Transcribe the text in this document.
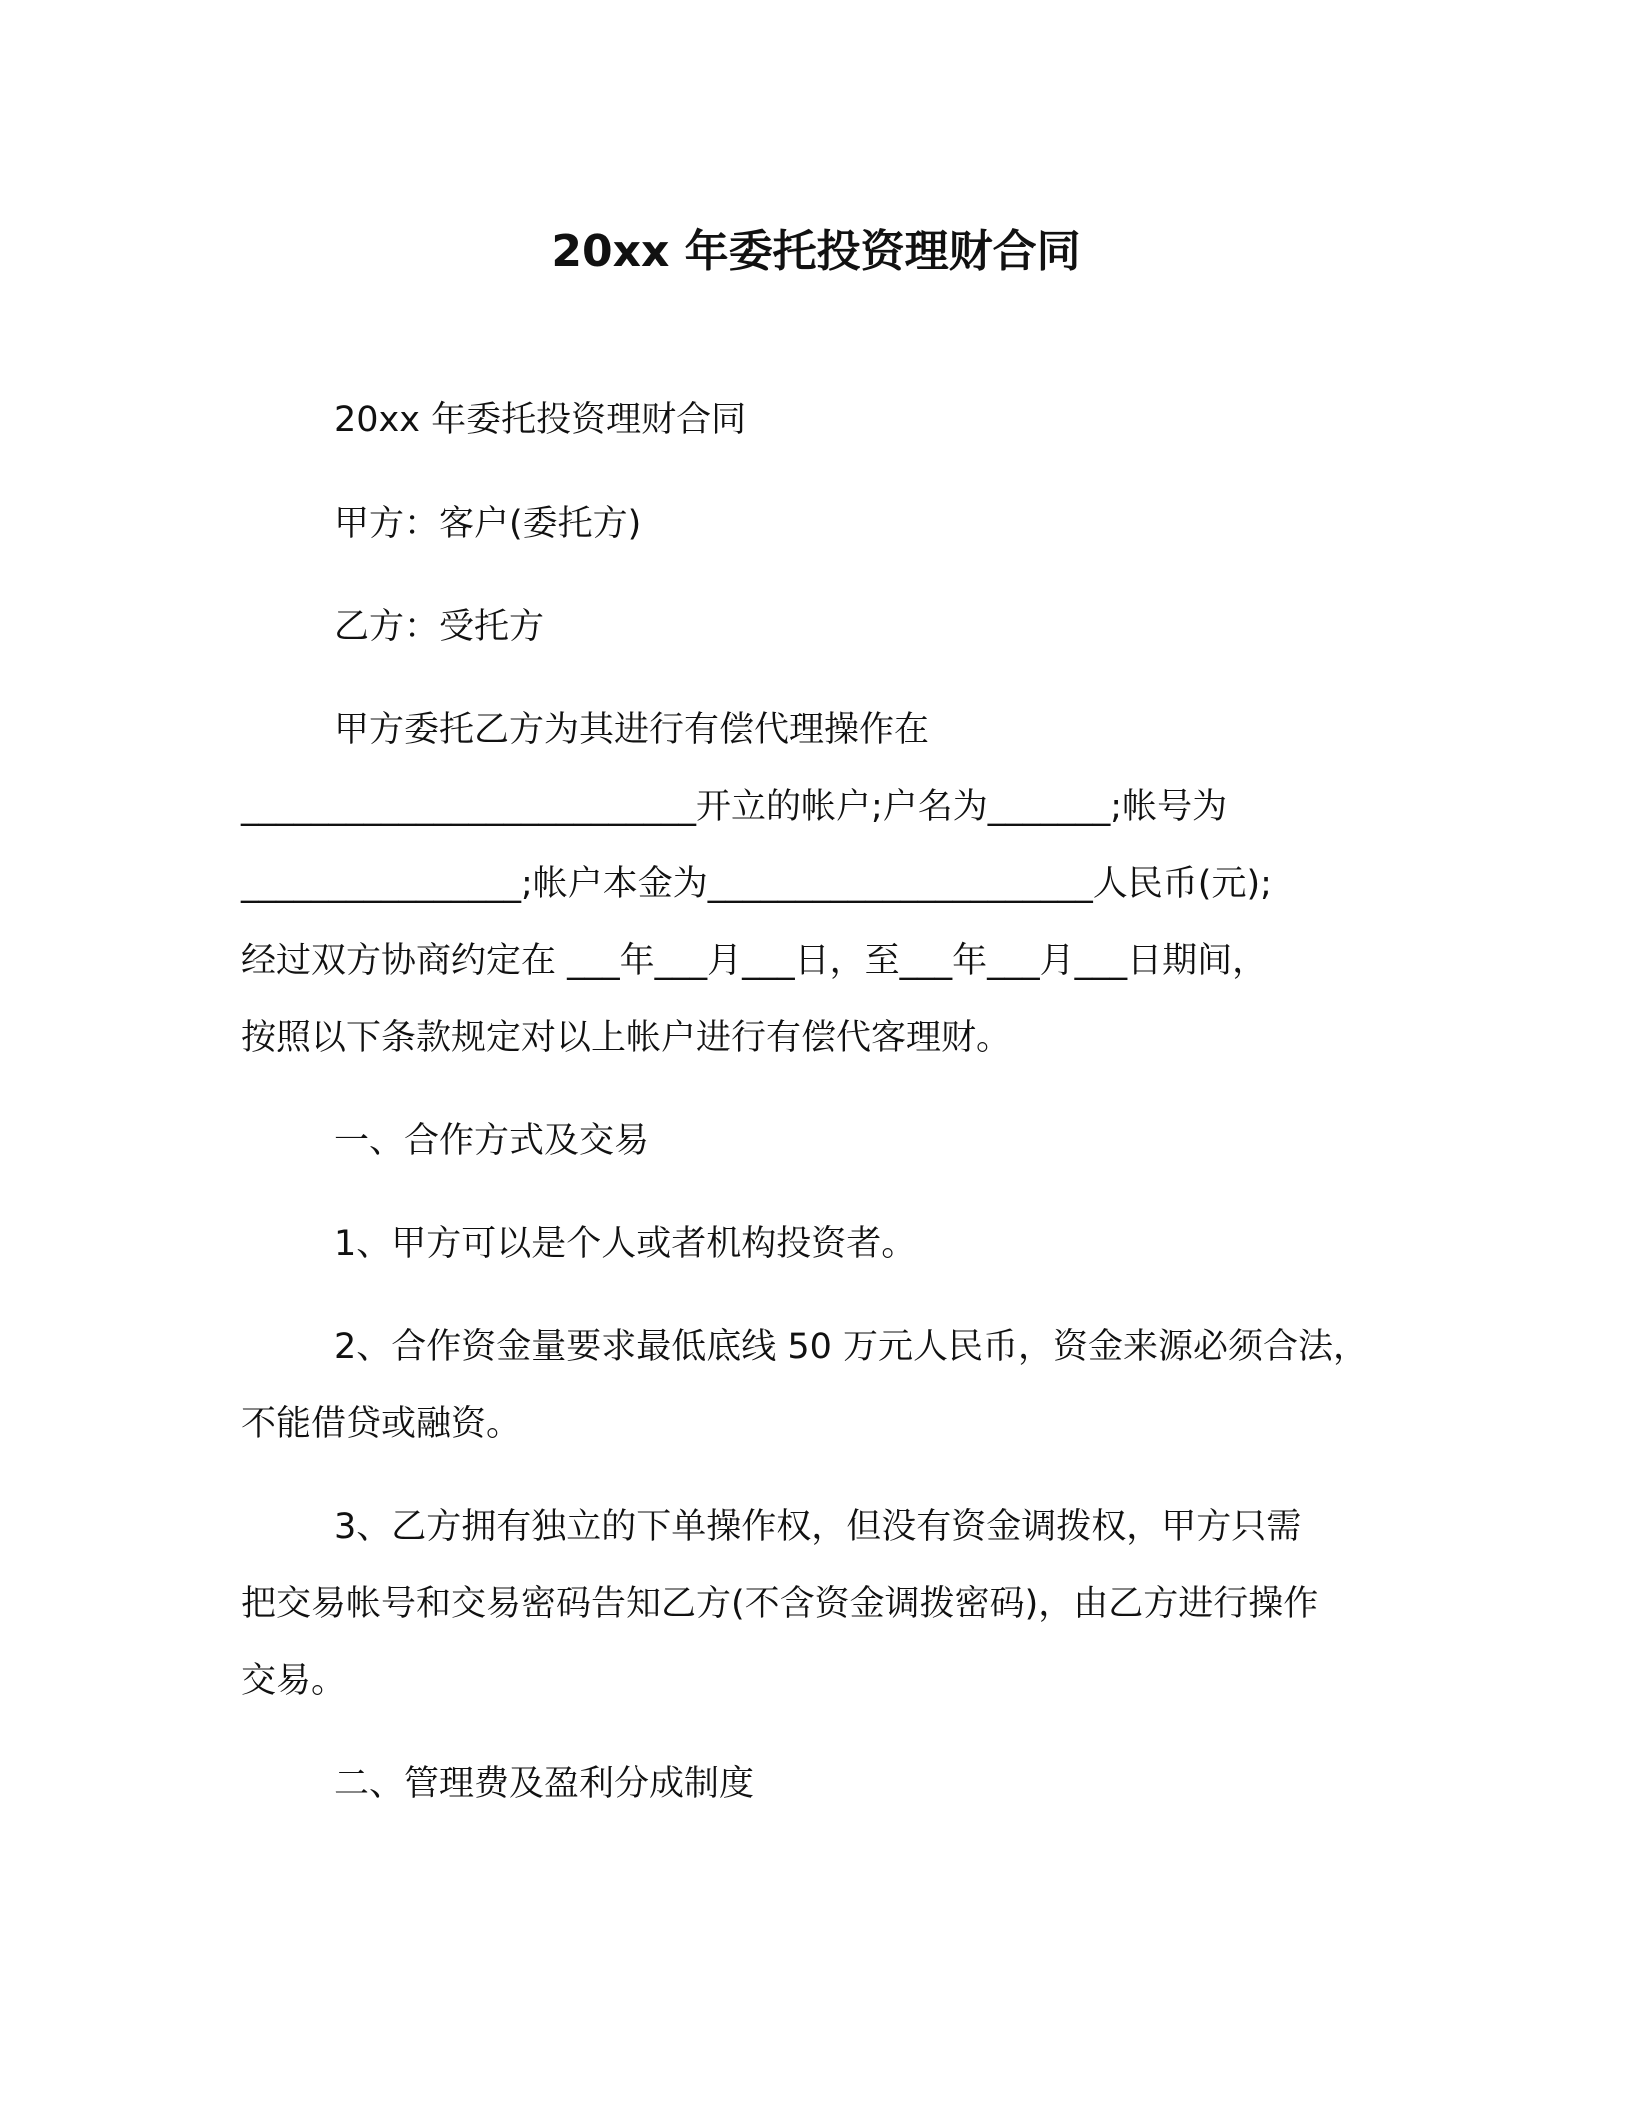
20xx 年委托投资理财合同
20xx 年委托投资理财合同
甲方：客户(委托方)
乙方：受托方
甲方委托乙方为其进行有偿代理操作在
__________________________开立的帐户;户名为_______;帐号为
________________;帐户本金为______________________人民币(元);
经过双方协商约定在 ___年___月___日，至___年___月___日期间，
按照以下条款规定对以上帐户进行有偿代客理财。
一、合作方式及交易
1、甲方可以是个人或者机构投资者。
2、合作资金量要求最低底线 50 万元人民币，资金来源必须合法，
不能借贷或融资。
3、乙方拥有独立的下单操作权，但没有资金调拨权，甲方只需
把交易帐号和交易密码告知乙方(不含资金调拨密码)，由乙方进行操作
交易。
二、管理费及盈利分成制度
